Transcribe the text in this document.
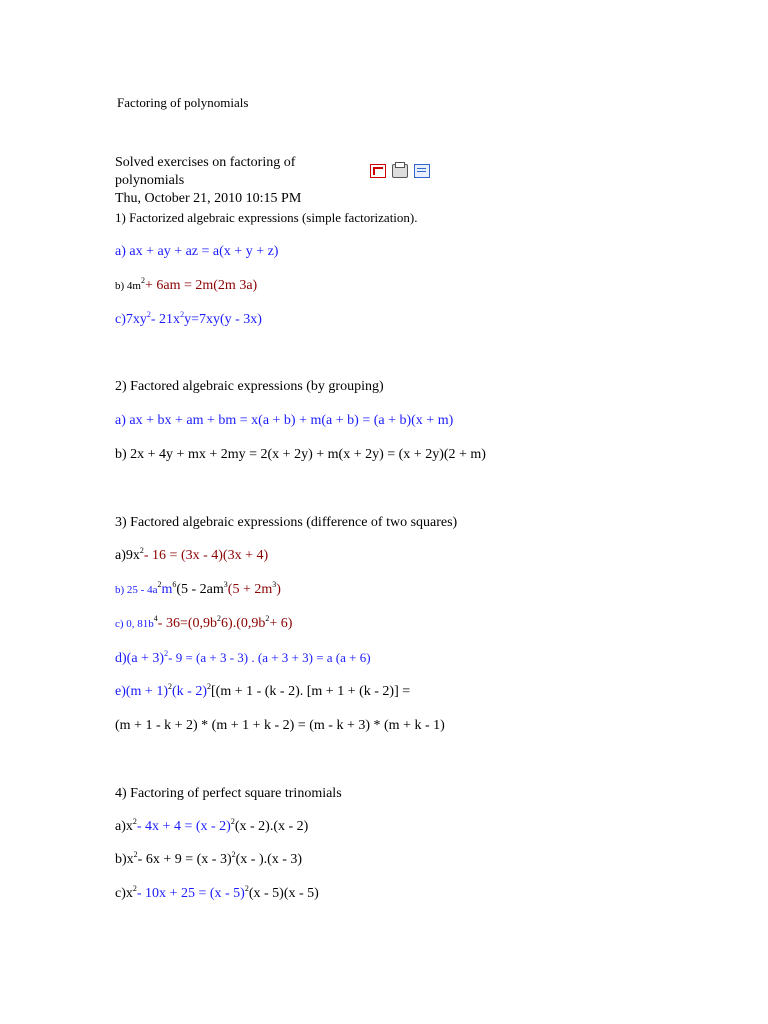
Factoring of polynomials
Solved exercises on factoring of
polynomials
Thu, October 21, 2010 10:15 PM
1) Factorized algebraic expressions (simple factorization).
a) ax + ay + az = a(x + y + z)
b) $4m^2+ 6am = 2m(2m$ 3a)
$c)7xy^2-$ $21x^2y=7xy(y - 3x)$
2) Factored algebraic expressions (by grouping)
a) ax + bx + am + bm = x(a + b) + m(a + b) = (a + b)(x + m)
b) 2x + 4y + mx + 2my = 2(x + 2y) + m(x + 2y) = (x + 2y)(2 + m)
3) Factored algebraic expressions (difference of two squares)
$a)9x^2-$ 16 = (3x - 4)(3x + 4)
b) $25 - 4a^2m^6(5 - 2am^3(5 + 2m^3)$
c) 0, $81b^4-$ $36=(0,9b^26).(0,9b^2+ 6)$
$d)(a + 3)^2-$ 9 = (a + 3 - 3) . (a + 3 + 3) = a (a + 6)
$e)(m + 1)^2(k - 2)^2[(m + 1 - (k - 2)$. [m + 1 + (k - 2)] =
(m + 1 - k + 2) * (m + 1 + k - 2) = (m - k + 3) * (m + k - 1)
4) Factoring of perfect square trinomials
$a)x^2-$ 4x + 4 = (x - 2)$^2$(x - 2).(x - 2)
$b)x^2-$ 6x + 9 = (x - 3)$^2$(x - ).(x - 3)
$c)x^2-$ 10x + 25 = (x - 5)$^2$(x - 5)(x - 5)
